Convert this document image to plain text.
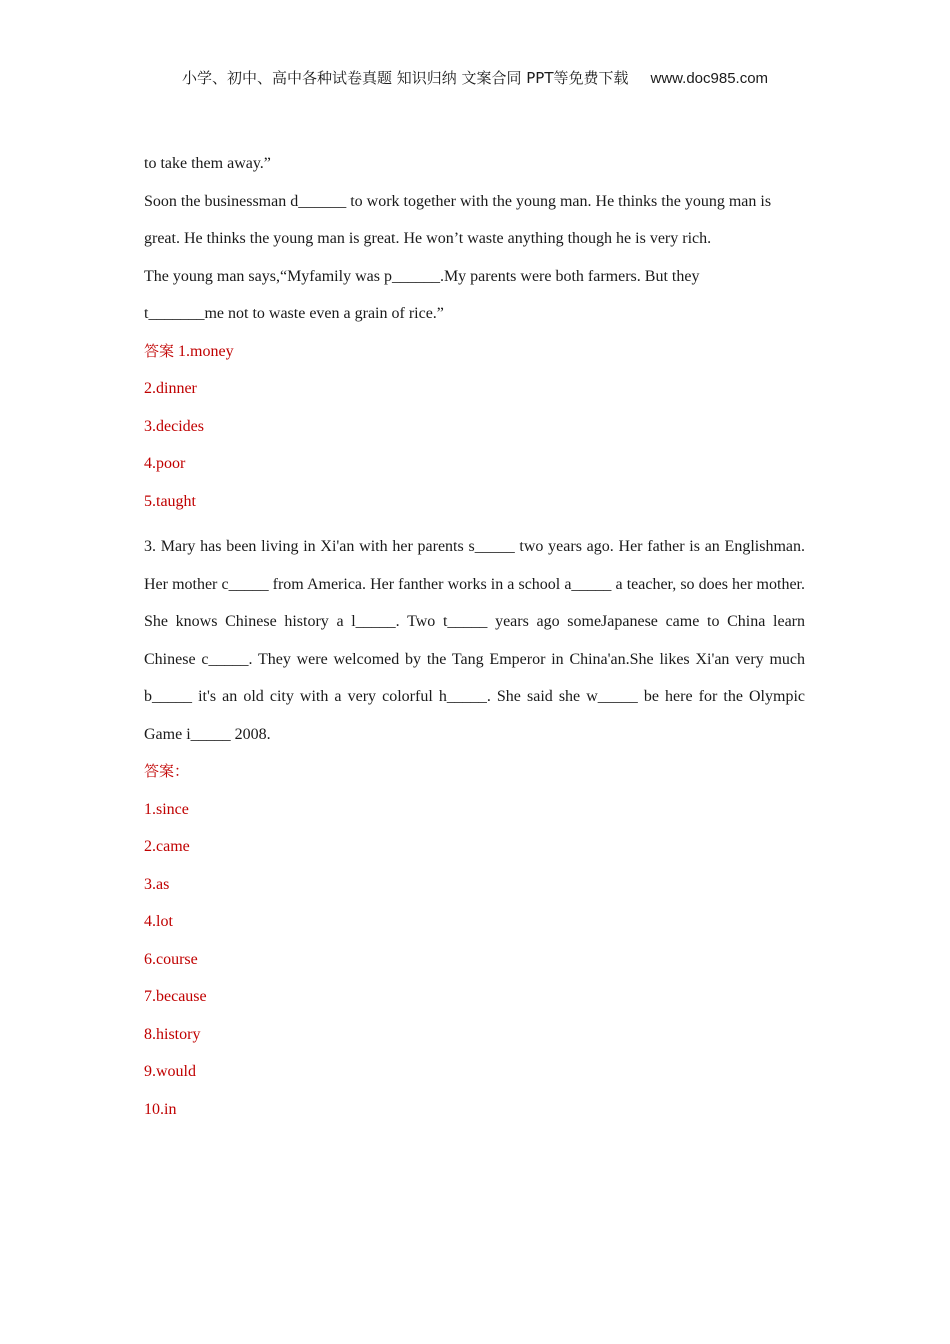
小学、初中、高中各种试卷真题 知识归纳 文案合同 PPT等免费下载 www.doc985.com
to take them away.”
Soon the businessman d______ to work together with the young man. He thinks the young man is
great. He thinks the young man is great. He won’t waste anything though he is very rich.
The young man says,“Myfamily was p______.My parents were both farmers. But they
t_______me not to waste even a grain of rice.”
答案 1.money
2.dinner
3.decides
4.poor
5.taught
3. Mary has been living in Xi'an with her parents s_____ two years ago. Her father is an Englishman. Her mother c_____ from America. Her fanther works in a school a_____ a teacher, so does her mother. She knows Chinese history a l_____. Two t_____ years ago someJapanese came to China learn Chinese c_____. They were welcomed by the Tang Emperor in China'an.She likes Xi'an very much b_____ it's an old city with a very colorful h_____. She said she w_____ be here for the Olympic Game i_____ 2008.
答案：
1.since
2.came
3.as
4.lot
6.course
7.because
8.history
9.would
10.in
